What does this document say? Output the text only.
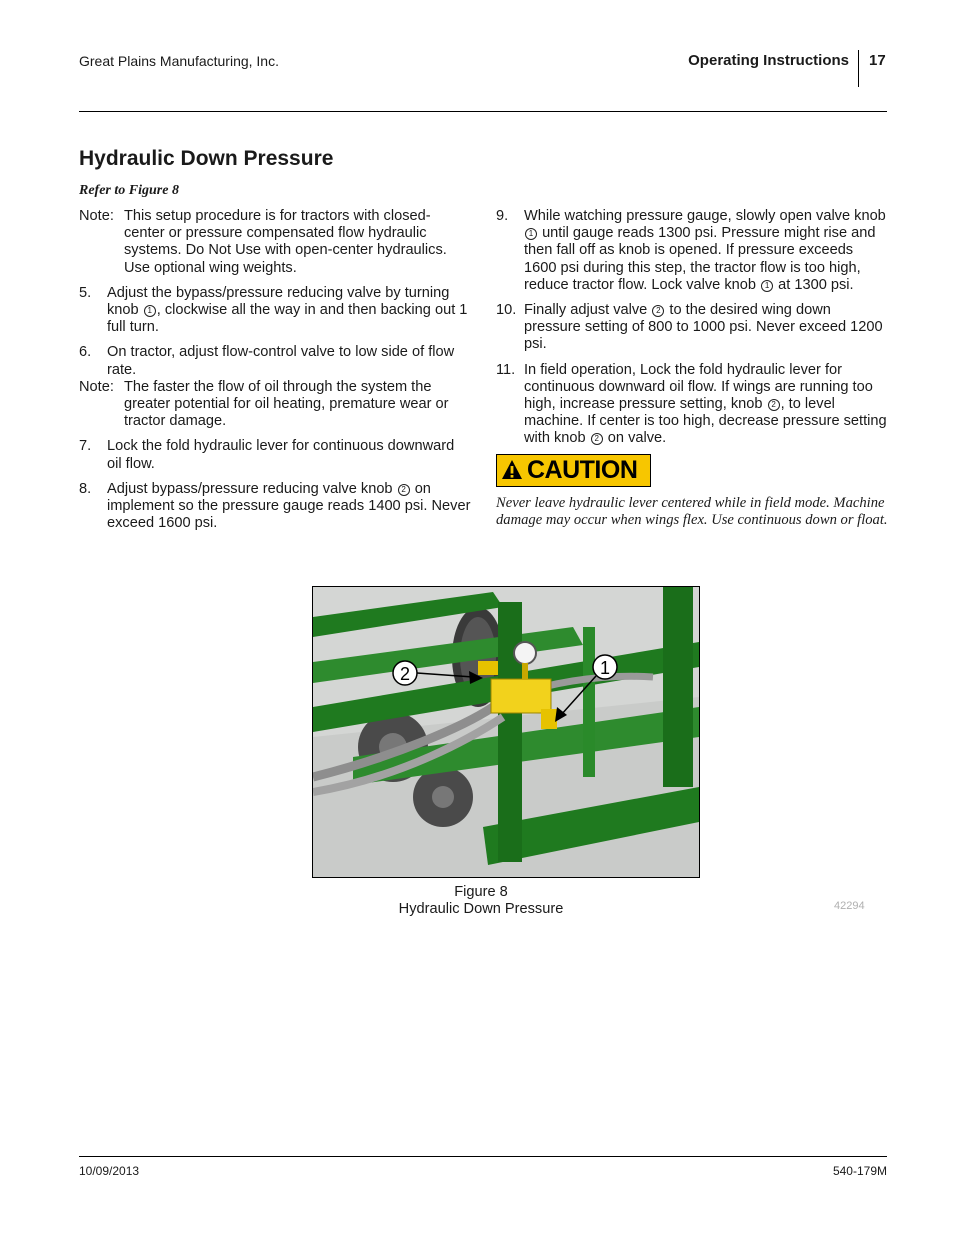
Great Plains Manufacturing, Inc.	Operating Instructions 17
Hydraulic Down Pressure
Refer to Figure 8
Note: This setup procedure is for tractors with closed-center or pressure compensated flow hydraulic systems. Do Not Use with open-center hydraulics. Use optional wing weights.
5.	Adjust the bypass/pressure reducing valve by turning knob 1 , clockwise all the way in and then backing out 1 full turn.
6.	On tractor, adjust flow-control valve to low side of flow rate.
Note: The faster the flow of oil through the system the greater potential for oil heating, premature wear or tractor damage.
7.	Lock the fold hydraulic lever for continuous downward oil flow.
8.	Adjust bypass/pressure reducing valve knob 2 on implement so the pressure gauge reads 1400 psi. Never exceed 1600 psi.
9.	While watching pressure gauge, slowly open valve knob 1 until gauge reads 1300 psi. Pressure might rise and then fall off as knob is opened. If pressure exceeds 1600 psi during this step, the tractor flow is too high, reduce tractor flow. Lock valve knob 1 at 1300 psi.
10. Finally adjust valve 2 to the desired wing down pressure setting of 800 to 1000 psi. Never exceed 1200 psi.
11. In field operation, Lock the fold hydraulic lever for continuous downward oil flow. If wings are running too high, increase pressure setting, knob 2 , to level machine. If center is too high, decrease pressure setting with knob 2 on valve.
CAUTION
Never leave hydraulic lever centered while in field mode. Machine damage may occur when wings flex. Use continuous down or float.
2	1
Figure 8
Hydraulic Down Pressure	42294
10/09/2013	540-179M
